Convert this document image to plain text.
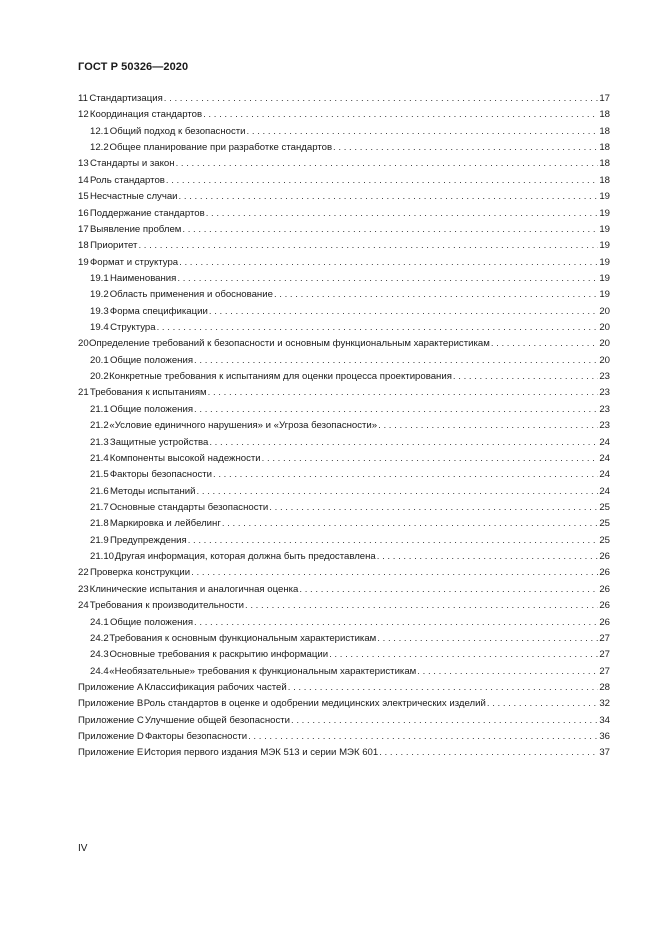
ГОСТ Р 50326—2020
11 Стандартизация . . .	17
12 Координация стандартов . . .	18
12.1 Общий подход к безопасности . . .	18
12.2 Общее планирование при разработке стандартов . . .	18
13 Стандарты и закон . . .	18
14 Роль стандартов . . .	18
15 Несчастные случаи . . .	19
16 Поддержание стандартов . . .	19
17 Выявление проблем . . .	19
18 Приоритет . . .	19
19 Формат и структура . . .	19
19.1 Наименования . . .	19
19.2 Область применения и обоснование . . .	19
19.3 Форма спецификации . . .	20
19.4 Структура . . .	20
20 Определение требований к безопасности и основным функциональным характеристикам . . .	20
20.1 Общие положения . . .	20
20.2 Конкретные требования к испытаниям для оценки процесса проектирования . . .	23
21 Требования к испытаниям . . .	23
21.1 Общие положения . . .	23
21.2 «Условие единичного нарушения» и «Угроза безопасности» . . .	23
21.3 Защитные устройства . . .	24
21.4 Компоненты высокой надежности . . .	24
21.5 Факторы безопасности . . .	24
21.6 Методы испытаний . . .	24
21.7 Основные стандарты безопасности . . .	25
21.8 Маркировка и лейбелинг . . .	25
21.9 Предупреждения . . .	25
21.10 Другая информация, которая должна быть предоставлена . . .	26
22 Проверка конструкции . . .	26
23 Клинические испытания и аналогичная оценка . . .	26
24 Требования к производительности . . .	26
24.1 Общие положения . . .	26
24.2 Требования к основным функциональным характеристикам . . .	27
24.3 Основные требования к раскрытию информации . . .	27
24.4 «Необязательные» требования к функциональным характеристикам . . .	27
Приложение A Классификация рабочих частей . . .	28
Приложение B Роль стандартов в оценке и одобрении медицинских электрических изделий . . .	32
Приложение C Улучшение общей безопасности . . .	34
Приложение D Факторы безопасности . . .	36
Приложение E История первого издания МЭК 513 и серии МЭК 601 . . .	37
IV
